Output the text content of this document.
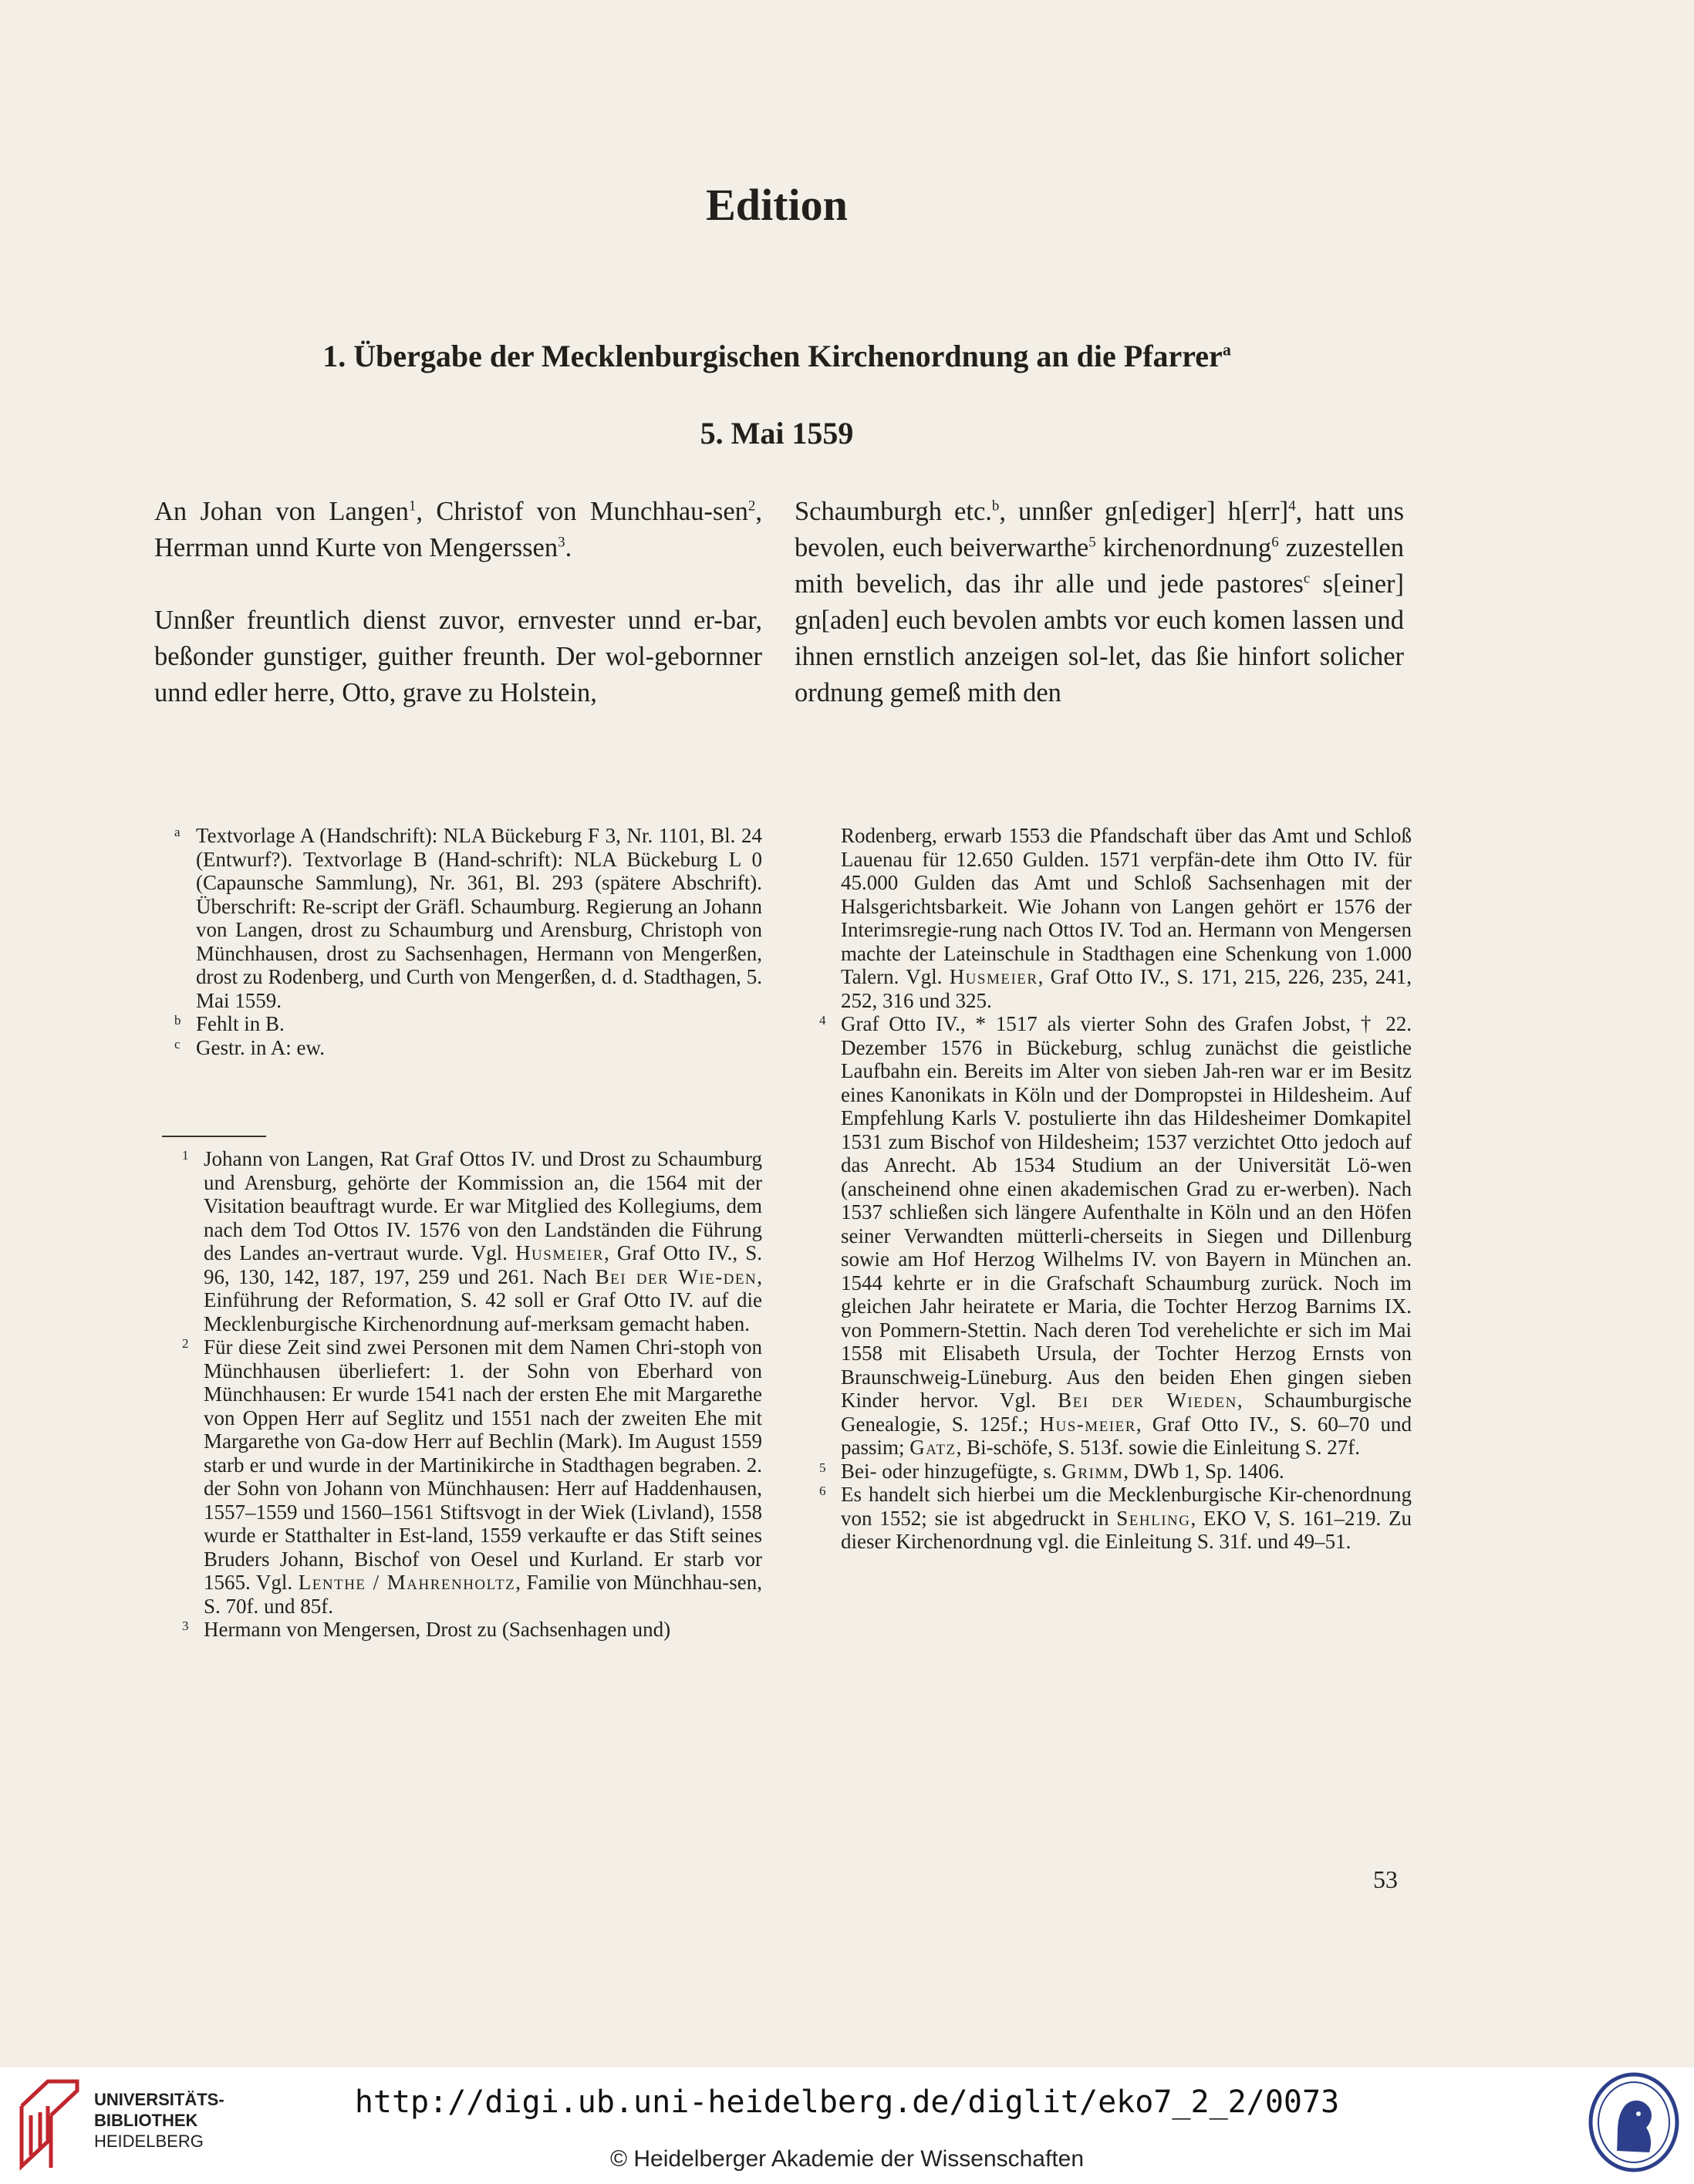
Edition
1. Übergabe der Mecklenburgischen Kirchenordnung an die Pfarrer$^a$
5. Mai 1559

An Johan von Langen$^1$, Christof von Munchhau-sen$^2$, Herrman unnd Kurte von Mengerssen$^3$.

Unnßer freuntlich dienst zuvor, ernvester unnd er-bar, beßonder gunstiger, guither freunth. Der wol-gebornner unnd edler herre, Otto, grave zu Holstein,

Schaumburgh etc.$^b$, unnßer gn[ediger] h[err]$^4$, hatt uns bevolen, euch beiverwarthe$^5$ kirchenordnung$^6$ zuzestellen mith bevelich, das ihr alle und jede pastores$^c$ s[einer] gn[aden] euch bevolen ambts vor euch komen lassen und ihnen ernstlich anzeigen sol-let, das ßie hinfort solicher ordnung gemeß mith den

a Textvorlage A (Handschrift): NLA Bückeburg F 3, Nr. 1101, Bl. 24 (Entwurf?). Textvorlage B (Hand-schrift): NLA Bückeburg L 0 (Capaunsche Sammlung), Nr. 361, Bl. 293 (spätere Abschrift). Überschrift: Re-script der Gräfl. Schaumburg. Regierung an Johann von Langen, drost zu Schaumburg und Arensburg, Christoph von Münchhausen, drost zu Sachsenhagen, Hermann von Mengerßen, drost zu Rodenberg, und Curth von Mengerßen, d. d. Stadthagen, 5. Mai 1559.

b Fehlt in B.

c Gestr. in A: ew.

1 Johann von Langen, Rat Graf Ottos IV. und Drost zu Schaumburg und Arensburg, gehörte der Kommission an, die 1564 mit der Visitation beauftragt wurde. Er war Mitglied des Kollegiums, dem nach dem Tod Ottos IV. 1576 von den Landständen die Führung des Landes an-vertraut wurde. Vgl. Husmeier, Graf Otto IV., S. 96, 130, 142, 187, 197, 259 und 261. Nach Bei der Wie-den, Einführung der Reformation, S. 42 soll er Graf Otto IV. auf die Mecklenburgische Kirchenordnung auf-merksam gemacht haben.

2 Für diese Zeit sind zwei Personen mit dem Namen Chri-stoph von Münchhausen überliefert: 1. der Sohn von Eberhard von Münchhausen: Er wurde 1541 nach der ersten Ehe mit Margarethe von Oppen Herr auf Seglitz und 1551 nach der zweiten Ehe mit Margarethe von Ga-dow Herr auf Bechlin (Mark). Im August 1559 starb er und wurde in der Martinikirche in Stadthagen begraben. 2. der Sohn von Johann von Münchhausen: Herr auf Haddenhausen, 1557–1559 und 1560–1561 Stiftsvogt in der Wiek (Livland), 1558 wurde er Statthalter in Est-land, 1559 verkaufte er das Stift seines Bruders Johann, Bischof von Oesel und Kurland. Er starb vor 1565. Vgl. Lenthe / Mahrenholtz, Familie von Münchhau-sen, S. 70f. und 85f.

3 Hermann von Mengersen, Drost zu (Sachsenhagen und)

Rodenberg, erwarb 1553 die Pfandschaft über das Amt und Schloß Lauenau für 12.650 Gulden. 1571 verpfän-dete ihm Otto IV. für 45.000 Gulden das Amt und Schloß Sachsenhagen mit der Halsgerichtsbarkeit. Wie Johann von Langen gehört er 1576 der Interimsregie-rung nach Ottos IV. Tod an. Hermann von Mengersen machte der Lateinschule in Stadthagen eine Schenkung von 1.000 Talern. Vgl. Husmeier, Graf Otto IV., S. 171, 215, 226, 235, 241, 252, 316 und 325.

4 Graf Otto IV., * 1517 als vierter Sohn des Grafen Jobst, † 22. Dezember 1576 in Bückeburg, schlug zunächst die geistliche Laufbahn ein. Bereits im Alter von sieben Jah-ren war er im Besitz eines Kanonikats in Köln und der Dompropstei in Hildesheim. Auf Empfehlung Karls V. postulierte ihn das Hildesheimer Domkapitel 1531 zum Bischof von Hildesheim; 1537 verzichtet Otto jedoch auf das Anrecht. Ab 1534 Studium an der Universität Lö-wen (anscheinend ohne einen akademischen Grad zu er-werben). Nach 1537 schließen sich längere Aufenthalte in Köln und an den Höfen seiner Verwandten mütterli-cherseits in Siegen und Dillenburg sowie am Hof Herzog Wilhelms IV. von Bayern in München an. 1544 kehrte er in die Grafschaft Schaumburg zurück. Noch im gleichen Jahr heiratete er Maria, die Tochter Herzog Barnims IX. von Pommern-Stettin. Nach deren Tod verehelichte er sich im Mai 1558 mit Elisabeth Ursula, der Tochter Herzog Ernsts von Braunschweig-Lüneburg. Aus den beiden Ehen gingen sieben Kinder hervor. Vgl. Bei der Wieden, Schaumburgische Genealogie, S. 125f.; Hus-meier, Graf Otto IV., S. 60–70 und passim; Gatz, Bi-schöfe, S. 513f. sowie die Einleitung S. 27f.

5 Bei- oder hinzugefügte, s. Grimm, DWb 1, Sp. 1406.

6 Es handelt sich hierbei um die Mecklenburgische Kir-chenordnung von 1552; sie ist abgedruckt in Sehling, EKO V, S. 161–219. Zu dieser Kirchenordnung vgl. die Einleitung S. 31f. und 49–51.

53
UNIVERSITÄTS-
BIBLIOTHEK
HEIDELBERG
http://digi.ub.uni-heidelberg.de/diglit/eko7_2_2/0073
© Heidelberger Akademie der Wissenschaften
